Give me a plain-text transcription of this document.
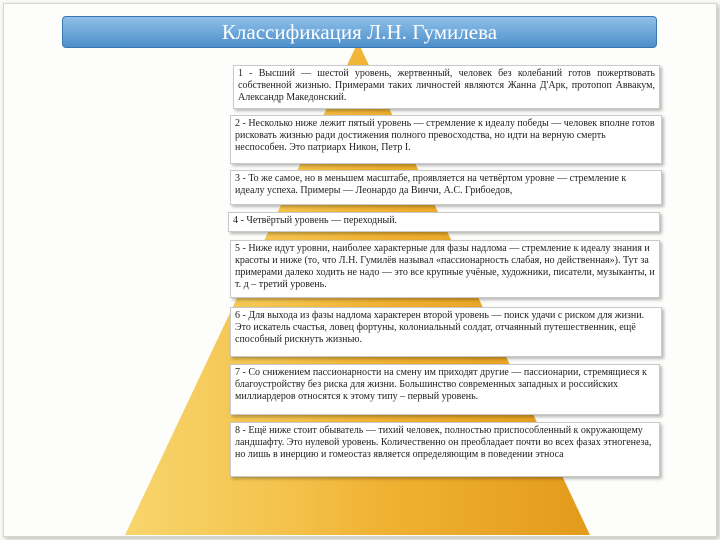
Классификация Л.Н. Гумилева
1 - Высший — шестой уровень, жертвенный, человек без колебаний готов пожертвовать собственной жизнью. Примерами таких личностей являются Жанна Д'Арк, протопоп Аввакум, Александр Македонский.
2 - Несколько ниже лежит пятый уровень — стремление к идеалу победы — человек вполне готов рисковать жизнью ради достижения полного превосходства, но идти на верную смерть неспособен. Это патриарх Никон, Петр I.
3 - То же самое, но в меньшем масштабе, проявляется на четвёртом уровне — стремление к идеалу успеха. Примеры — Леонардо да Винчи, А.С. Грибоедов,
4 - Четвёртый уровень — переходный.
5 - Ниже идут уровни, наиболее характерные для фазы надлома — стремление к идеалу знания и красоты и ниже (то, что Л.Н. Гумилёв называл «пассионарность слабая, но действенная»). Тут за примерами далеко ходить не надо — это все крупные учёные, художники, писатели, музыканты, и т. д – третий уровень.
6 - Для выхода из фазы надлома характерен второй уровень — поиск удачи с риском для жизни. Это искатель счастья, ловец фортуны, колониальный солдат, отчаянный путешественник, ещё способный рискнуть жизнью.
7 - Со снижением пассионарности на смену им приходят другие — пассионарии, стремящиеся к благоустройству без риска для жизни. Большинство современных западных и российских миллиардеров относятся к этому типу – первый уровень.
8 - Ещё ниже стоит обыватель — тихий человек, полностью приспособленный к окружающему ландшафту. Это нулевой уровень. Количественно он преобладает почти во всех фазах этногенеза, но лишь в инерцию и гомеостаз является определяющим в поведении этноса
